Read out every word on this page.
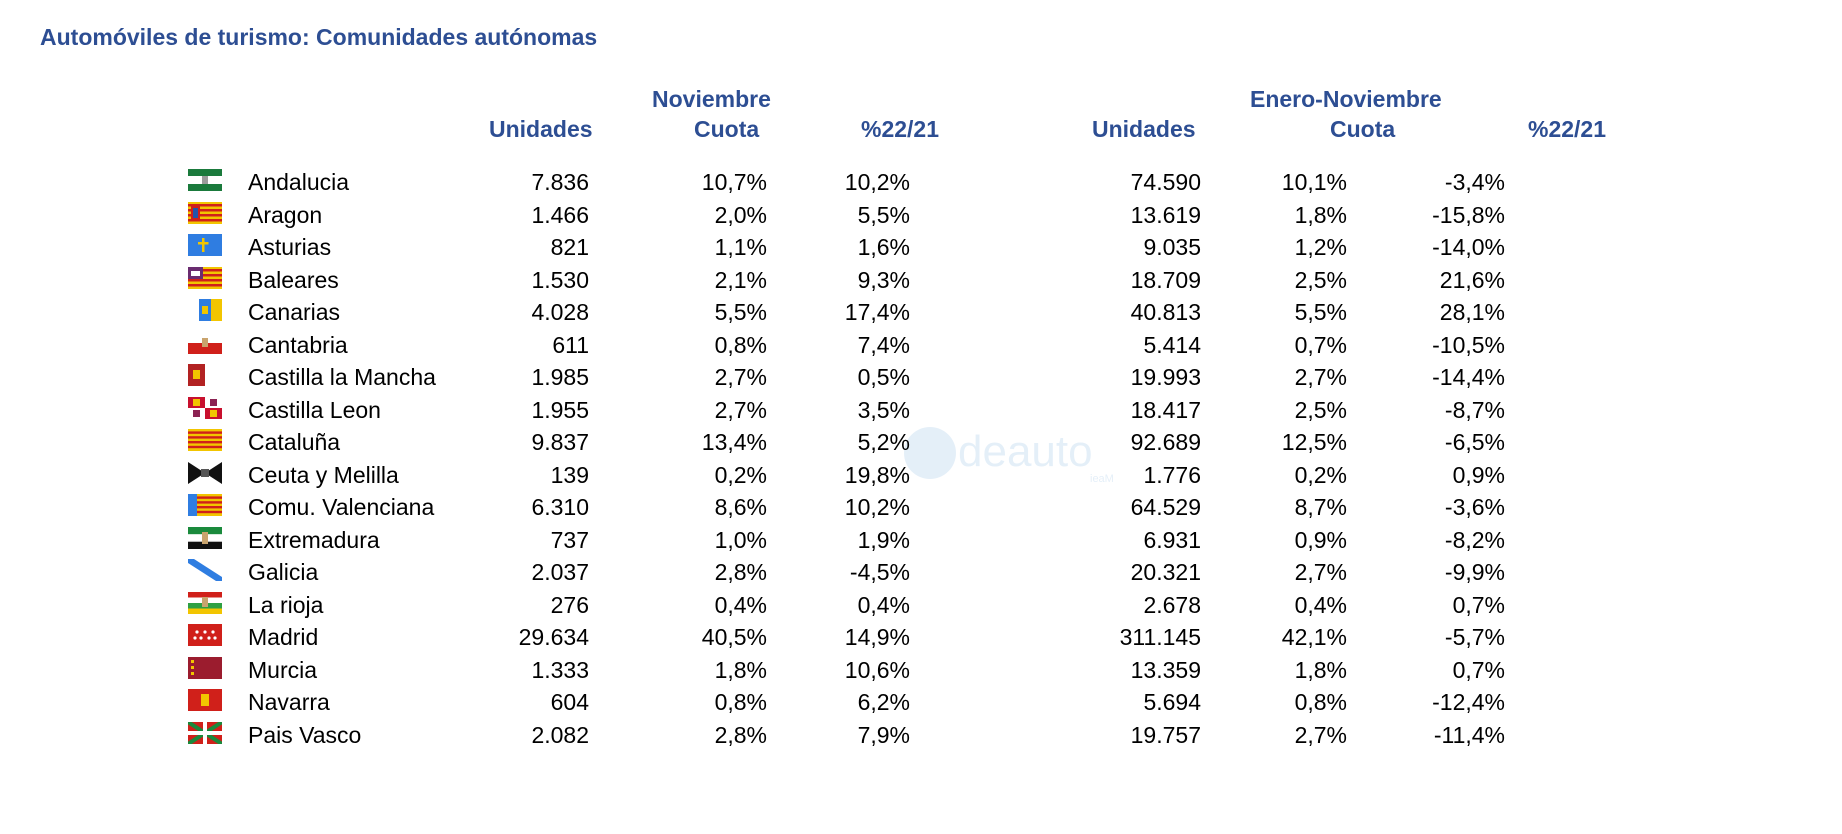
Automóviles de turismo: Comunidades autónomas
Noviembre
Unidades	Cuota	%22/21
Enero-Noviembre
Unidades	Cuota	%22/21
deauto
ieaM
Andalucia	7.836	10,7%	10,2%	74.590	10,1%	-3,4%
Aragon	1.466	2,0%	5,5%	13.619	1,8%	-15,8%
Asturias	821	1,1%	1,6%	9.035	1,2%	-14,0%
Baleares	1.530	2,1%	9,3%	18.709	2,5%	21,6%
Canarias	4.028	5,5%	17,4%	40.813	5,5%	28,1%
Cantabria	611	0,8%	7,4%	5.414	0,7%	-10,5%
Castilla la Mancha	1.985	2,7%	0,5%	19.993	2,7%	-14,4%
Castilla Leon	1.955	2,7%	3,5%	18.417	2,5%	-8,7%
Cataluña	9.837	13,4%	5,2%	92.689	12,5%	-6,5%
Ceuta y Melilla	139	0,2%	19,8%	1.776	0,2%	0,9%
Comu. Valenciana	6.310	8,6%	10,2%	64.529	8,7%	-3,6%
Extremadura	737	1,0%	1,9%	6.931	0,9%	-8,2%
Galicia	2.037	2,8%	-4,5%	20.321	2,7%	-9,9%
La rioja	276	0,4%	0,4%	2.678	0,4%	0,7%
Madrid	29.634	40,5%	14,9%	311.145	42,1%	-5,7%
Murcia	1.333	1,8%	10,6%	13.359	1,8%	0,7%
Navarra	604	0,8%	6,2%	5.694	0,8%	-12,4%
Pais Vasco	2.082	2,8%	7,9%	19.757	2,7%	-11,4%
